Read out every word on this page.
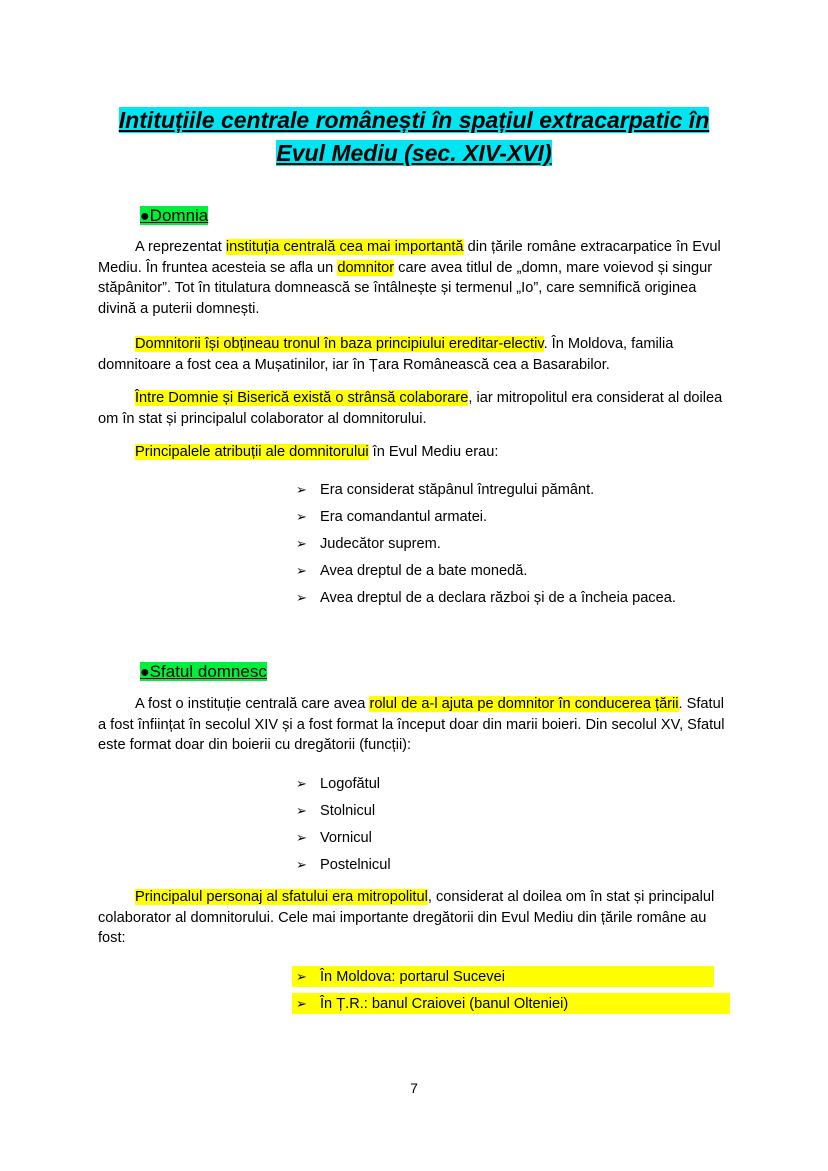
Intituțiile centrale românești în spațiul extracarpatic în
Evul Mediu (sec. XIV-XVI)
●Domnia

A reprezentat instituția centrală cea mai importantă din țările române extracarpatice în Evul Mediu. În fruntea acesteia se afla un domnitor care avea titlul de „domn, mare voievod și singur stăpânitor”. Tot în titulatura domnească se întâlnește și termenul „Io”, care semnifică originea divină a puterii domnești.

Domnitorii își obțineau tronul în baza principiului ereditar-electiv. În Moldova, familia domnitoare a fost cea a Mușatinilor, iar în Țara Românească cea a Basarabilor.

Între Domnie și Biserică există o strânsă colaborare, iar mitropolitul era considerat al doilea om în stat și principalul colaborator al domnitorului.

Principalele atribuții ale domnitorului în Evul Mediu erau:

➢ Era considerat stăpânul întregului pământ.
➢ Era comandantul armatei.
➢ Judecător suprem.
➢ Avea dreptul de a bate monedă.
➢ Avea dreptul de a declara război și de a încheia pacea.
●Sfatul domnesc

A fost o instituție centrală care avea rolul de a-l ajuta pe domnitor în conducerea țării. Sfatul a fost înființat în secolul XIV și a fost format la început doar din marii boieri. Din secolul XV, Sfatul este format doar din boierii cu dregătorii (funcții):

➢ Logofătul
➢ Stolnicul
➢ Vornicul
➢ Postelnicul

Principalul personaj al sfatului era mitropolitul, considerat al doilea om în stat și principalul colaborator al domnitorului. Cele mai importante dregătorii din Evul Mediu din țările române au fost:

➢ În Moldova: portarul Sucevei
➢ În Ț.R.: banul Craiovei (banul Olteniei)
7
